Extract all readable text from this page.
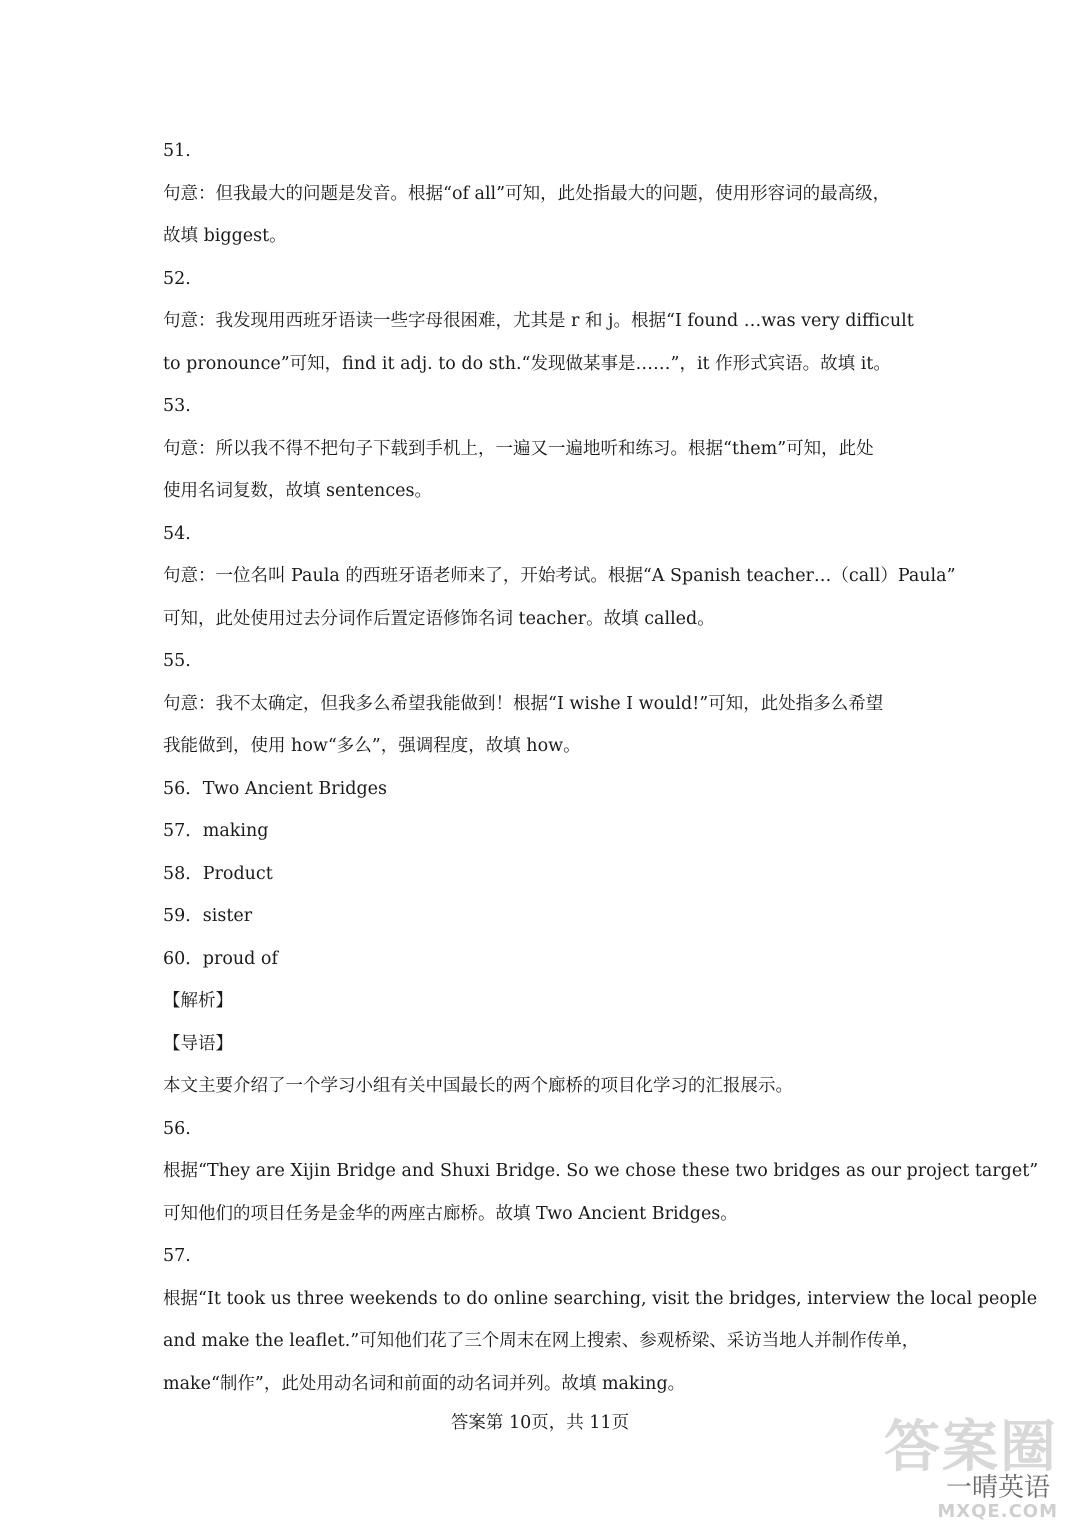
51.
句意：但我最大的问题是发音。根据“of all”可知，此处指最大的问题，使用形容词的最高级，
故填 biggest。
52.
句意：我发现用西班牙语读一些字母很困难，尤其是 r 和 j。根据“I found …was very difficult
to pronounce”可知，find it adj. to do sth.“发现做某事是……”，it 作形式宾语。故填 it。
53.
句意：所以我不得不把句子下载到手机上，一遍又一遍地听和练习。根据“them”可知，此处
使用名词复数，故填 sentences。
54.
句意：一位名叫 Paula 的西班牙语老师来了，开始考试。根据“A Spanish teacher…（call）Paula”
可知，此处使用过去分词作后置定语修饰名词 teacher。故填 called。
55.
句意：我不太确定，但我多么希望我能做到！根据“I wishe I would!”可知，此处指多么希望
我能做到，使用 how“多么”，强调程度，故填 how。
56．Two Ancient Bridges
57．making
58．Product
59．sister
60．proud of
【解析】
【导语】
本文主要介绍了一个学习小组有关中国最长的两个廊桥的项目化学习的汇报展示。
56.
根据“They are Xijin Bridge and Shuxi Bridge. So we chose these two bridges as our project target”
可知他们的项目任务是金华的两座古廊桥。故填 Two Ancient Bridges。
57.
根据“It took us three weekends to do online searching, visit the bridges, interview the local people
and make the leaflet.”可知他们花了三个周末在网上搜索、参观桥梁、采访当地人并制作传单，
make“制作”，此处用动名词和前面的动名词并列。故填 making。
答案第 10页，共 11页	答案圈
一晴英语
MXQE.COM
